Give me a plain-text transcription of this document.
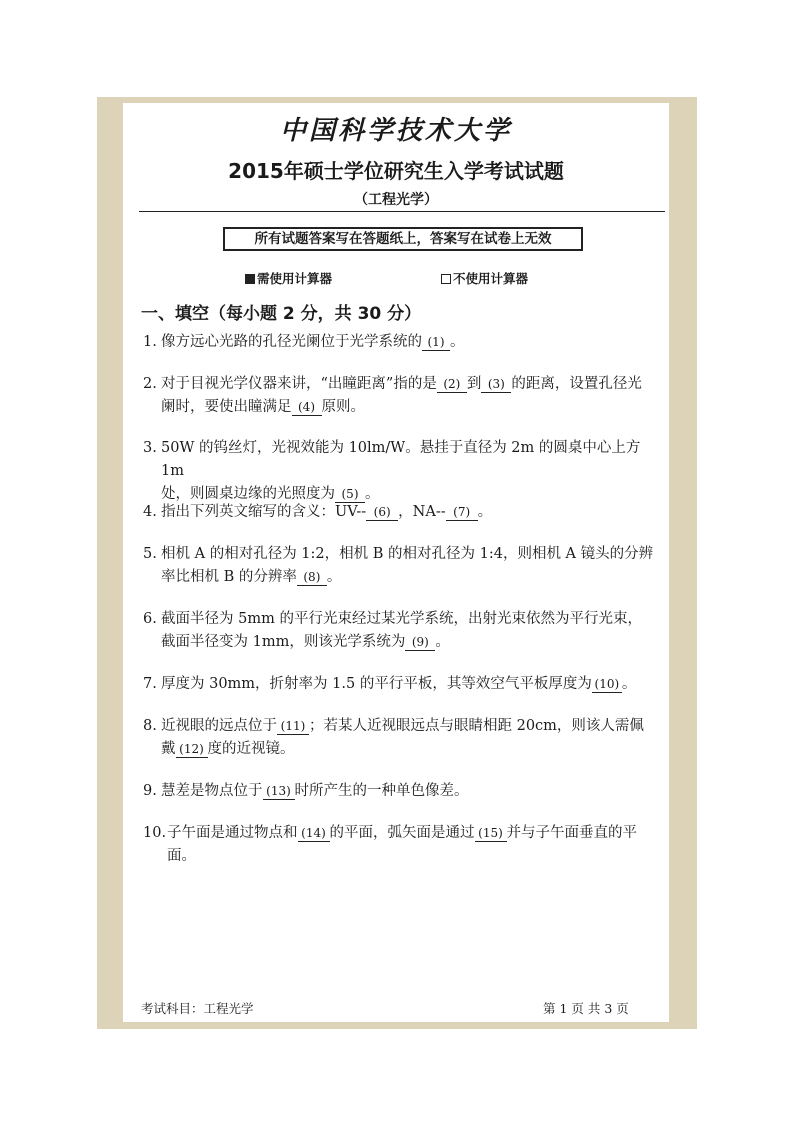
中国科学技术大学
2015年硕士学位研究生入学考试试题
（工程光学）
所有试题答案写在答题纸上，答案写在试卷上无效
需使用计算器	不使用计算器
一、填空（每小题 2 分，共 30 分）
1. 像方远心光路的孔径光阑位于光学系统的 (1) 。
2. 对于目视光学仪器来讲，“出瞳距离”指的是 (2) 到 (3) 的距离，设置孔径光
阑时，要使出瞳满足 (4) 原则。
3. 50W 的钨丝灯，光视效能为 10lm/W。悬挂于直径为 2m 的圆桌中心上方 1m
处，则圆桌边缘的光照度为 (5) 。
4. 指出下列英文缩写的含义：UV-- (6) ，NA-- (7) 。
5. 相机 A 的相对孔径为 1:2，相机 B 的相对孔径为 1:4，则相机 A 镜头的分辨
率比相机 B 的分辨率 (8) 。
6. 截面半径为 5mm 的平行光束经过某光学系统，出射光束依然为平行光束，
截面半径变为 1mm，则该光学系统为 (9) 。
7. 厚度为 30mm，折射率为 1.5 的平行平板，其等效空气平板厚度为 (10) 。
8. 近视眼的远点位于 (11) ；若某人近视眼远点与眼睛相距 20cm，则该人需佩
戴 (12) 度的近视镜。
9. 慧差是物点位于 (13) 时所产生的一种单色像差。
10. 子午面是通过物点和 (14) 的平面，弧矢面是通过 (15) 并与子午面垂直的平
面。
考试科目：工程光学	第 1 页 共 3 页
